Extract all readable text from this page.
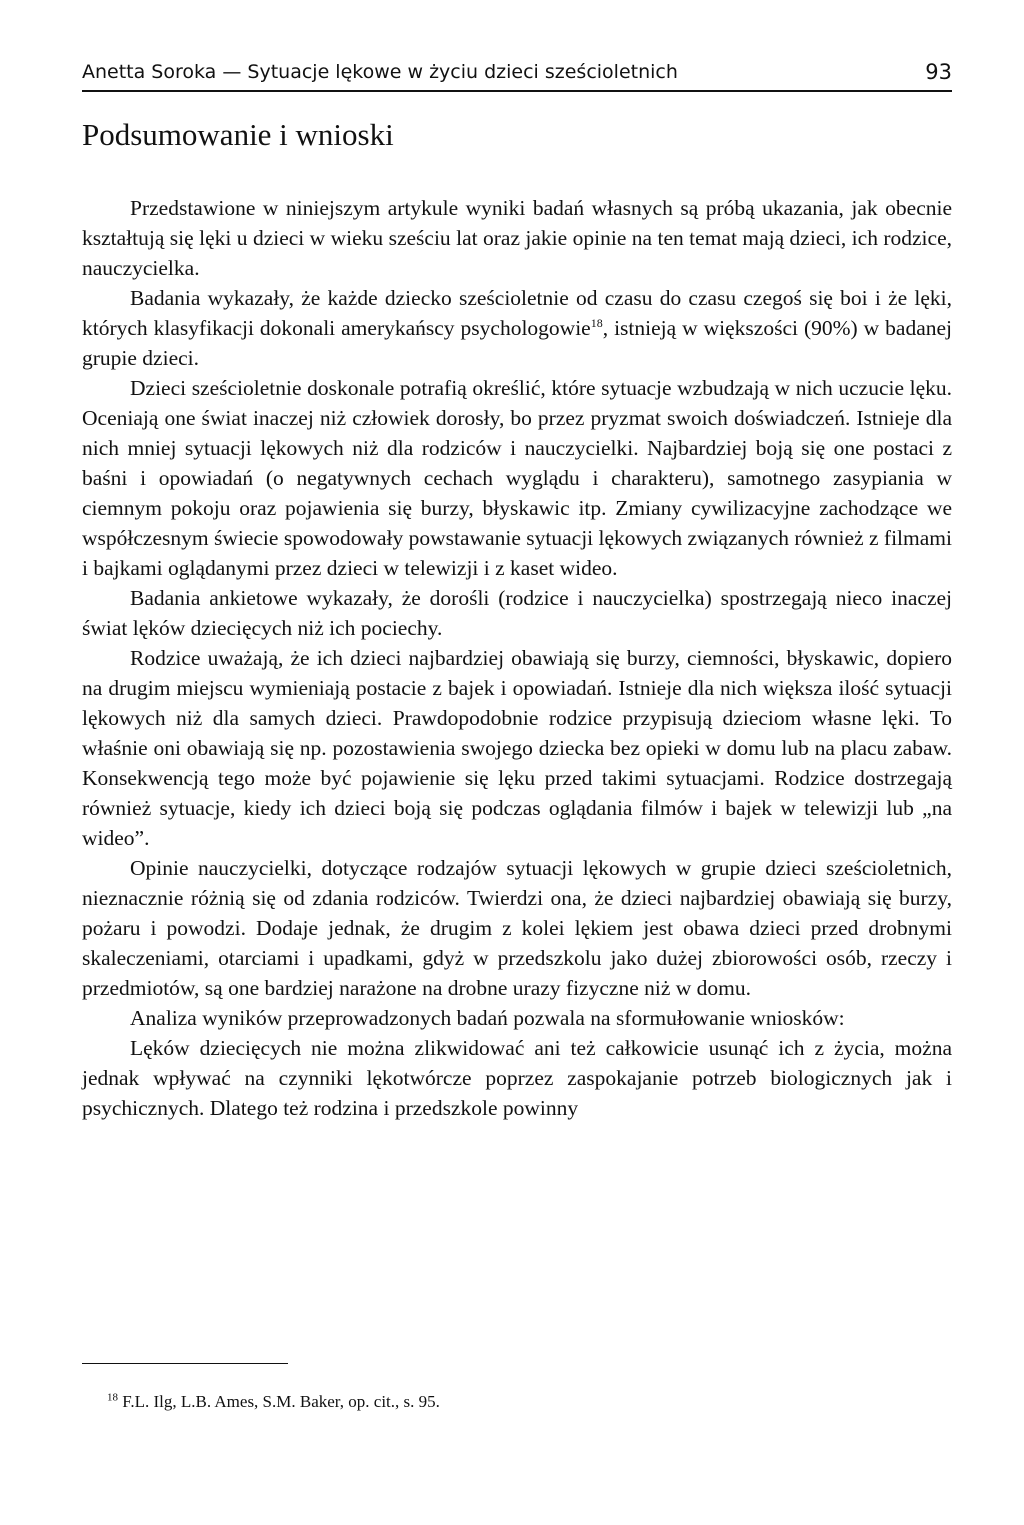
Anetta Soroka — Sytuacje lękowe w życiu dzieci sześcioletnich	93
Podsumowanie i wnioski

Przedstawione w niniejszym artykule wyniki badań własnych są próbą ukazania, jak obecnie kształtują się lęki u dzieci w wieku sześciu lat oraz jakie opinie na ten temat mają dzieci, ich rodzice, nauczycielka.

Badania wykazały, że każde dziecko sześcioletnie od czasu do czasu czegoś się boi i że lęki, których klasyfikacji dokonali amerykańscy psychologowie$^{18}$, istnieją w większości (90%) w badanej grupie dzieci.

Dzieci sześcioletnie doskonale potrafią określić, które sytuacje wzbudzają w nich uczucie lęku. Oceniają one świat inaczej niż człowiek dorosły, bo przez pryzmat swoich doświadczeń. Istnieje dla nich mniej sytuacji lękowych niż dla rodziców i nauczycielki. Najbardziej boją się one postaci z baśni i opowiadań (o negatywnych cechach wyglądu i charakteru), samotnego zasypiania w ciemnym pokoju oraz pojawienia się burzy, błyskawic itp. Zmiany cywilizacyjne zachodzące we współczesnym świecie spowodowały powstawanie sytuacji lękowych związanych również z filmami i bajkami oglądanymi przez dzieci w telewizji i z kaset wideo.

Badania ankietowe wykazały, że dorośli (rodzice i nauczycielka) spostrzegają nieco inaczej świat lęków dziecięcych niż ich pociechy.

Rodzice uważają, że ich dzieci najbardziej obawiają się burzy, ciemności, błyskawic, dopiero na drugim miejscu wymieniają postacie z bajek i opowiadań. Istnieje dla nich większa ilość sytuacji lękowych niż dla samych dzieci. Prawdopodobnie rodzice przypisują dzieciom własne lęki. To właśnie oni obawiają się np. pozostawienia swojego dziecka bez opieki w domu lub na placu zabaw. Konsekwencją tego może być pojawienie się lęku przed takimi sytuacjami. Rodzice dostrzegają również sytuacje, kiedy ich dzieci boją się podczas oglądania filmów i bajek w telewizji lub „na wideo”.

Opinie nauczycielki, dotyczące rodzajów sytuacji lękowych w grupie dzieci sześcioletnich, nieznacznie różnią się od zdania rodziców. Twierdzi ona, że dzieci najbardziej obawiają się burzy, pożaru i powodzi. Dodaje jednak, że drugim z kolei lękiem jest obawa dzieci przed drobnymi skaleczeniami, otarciami i upadkami, gdyż w przedszkolu jako dużej zbiorowości osób, rzeczy i przedmiotów, są one bardziej narażone na drobne urazy fizyczne niż w domu.

Analiza wyników przeprowadzonych badań pozwala na sformułowanie wniosków:

Lęków dziecięcych nie można zlikwidować ani też całkowicie usunąć ich z życia, można jednak wpływać na czynniki lękotwórcze poprzez zaspokajanie potrzeb biologicznych jak i psychicznych. Dlatego też rodzina i przedszkole powinny

$^{18}$ F.L. Ilg, L.B. Ames, S.M. Baker, op. cit., s. 95.
